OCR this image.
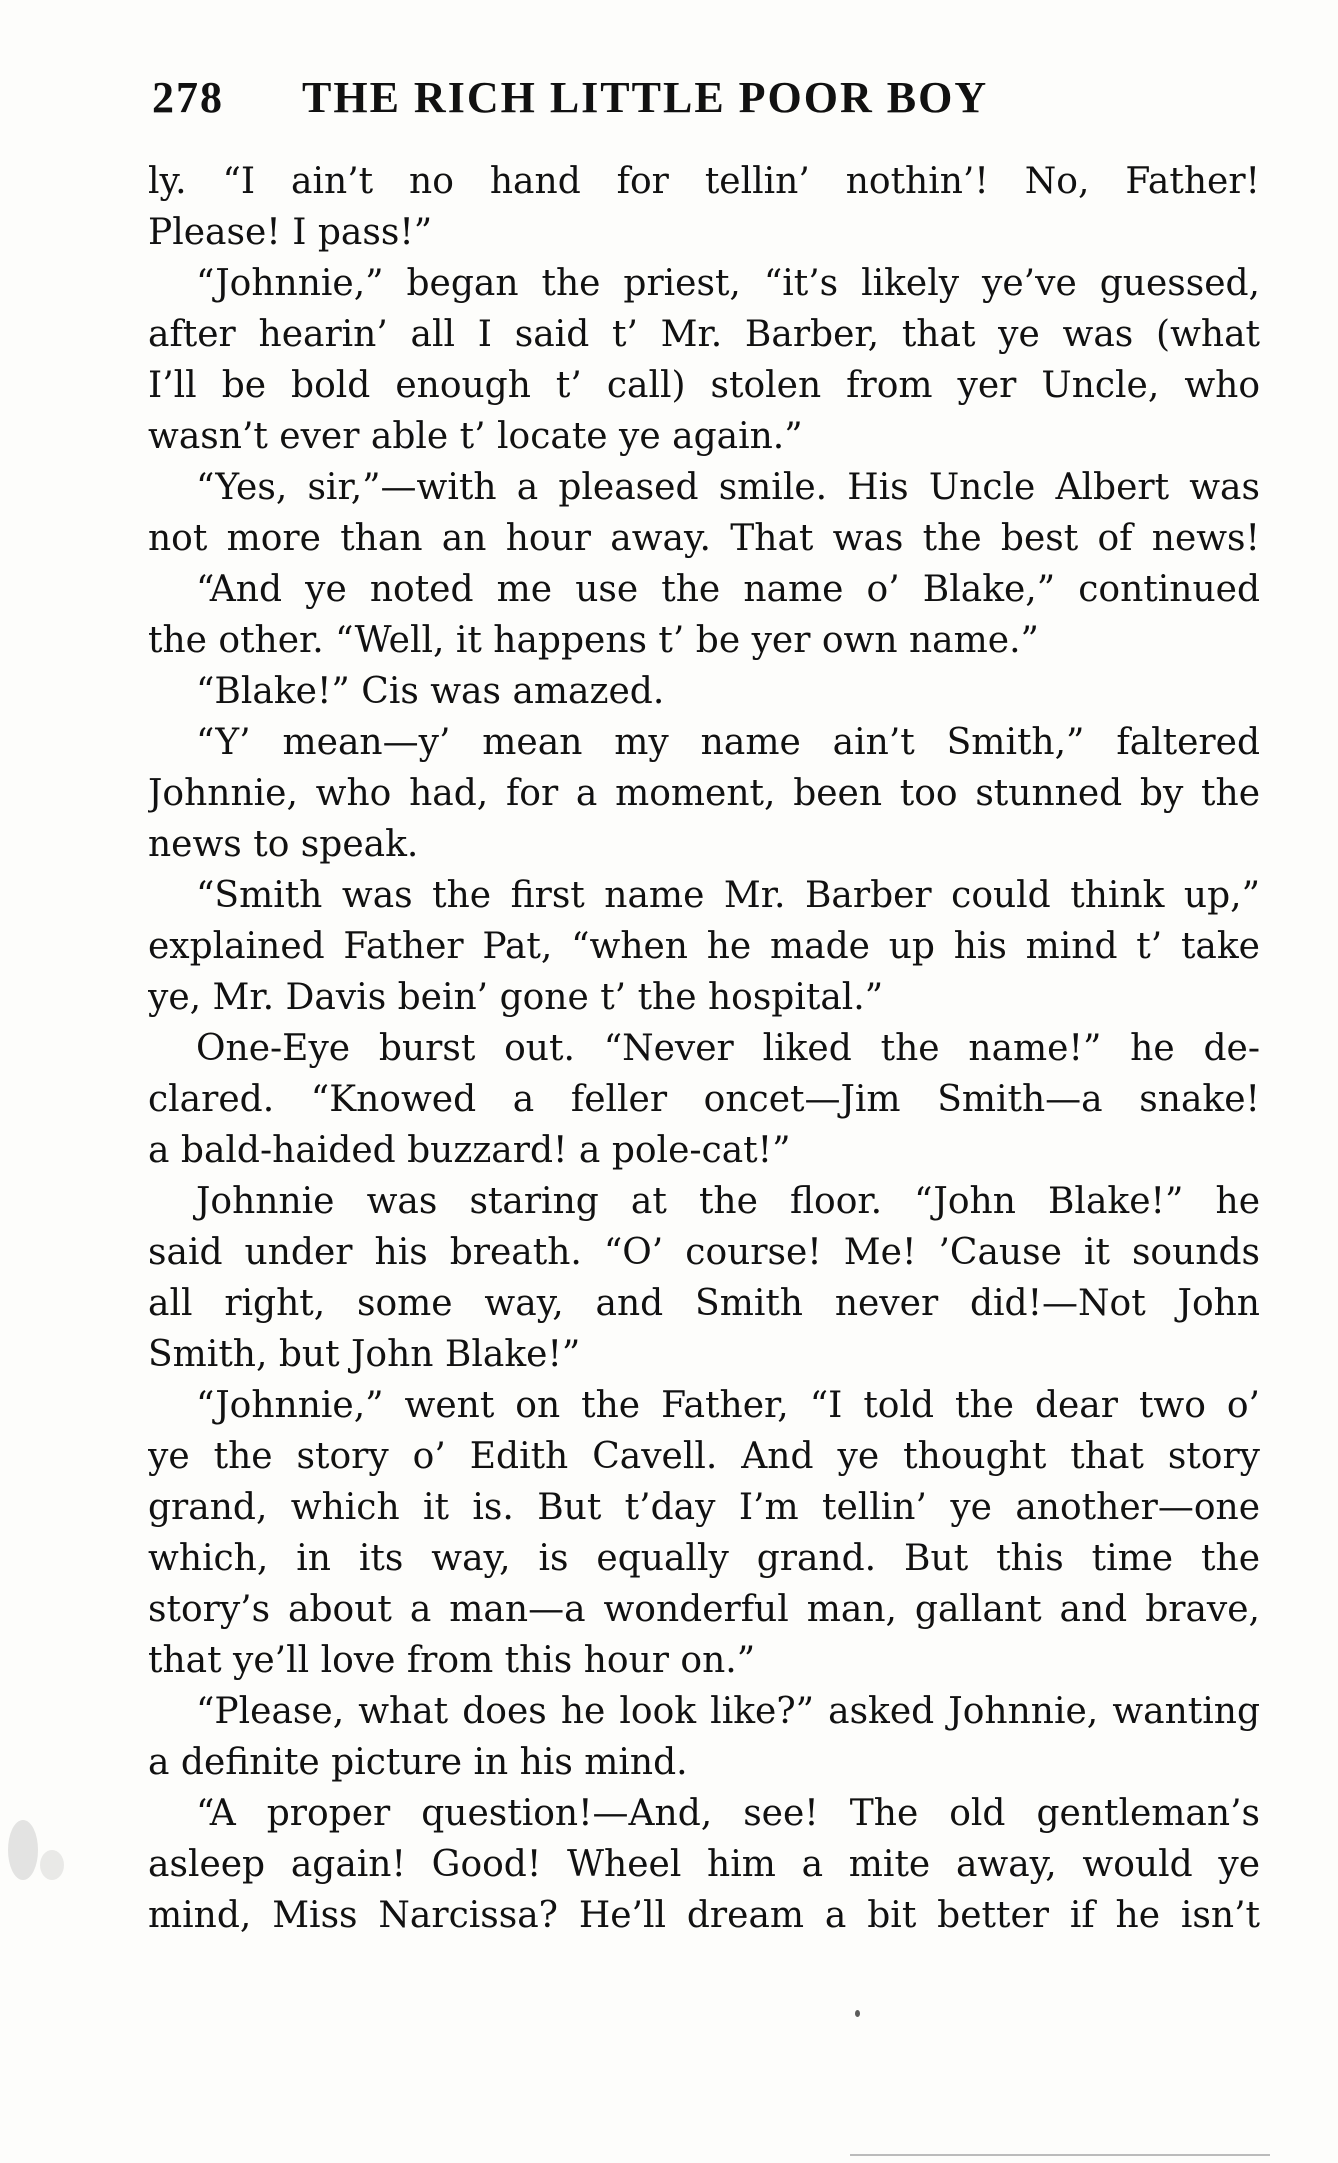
278 THE RICH LITTLE POOR BOY
ly. “I ain’t no hand for tellin’ nothin’! No, Father!
Please! I pass!”
“Johnnie,” began the priest, “it’s likely ye’ve guessed,
after hearin’ all I said t’ Mr. Barber, that ye was (what
I’ll be bold enough t’ call) stolen from yer Uncle, who
wasn’t ever able t’ locate ye again.”
“Yes, sir,”—with a pleased smile. His Uncle Albert was
not more than an hour away. That was the best of news!
“And ye noted me use the name o’ Blake,” continued
the other. “Well, it happens t’ be yer own name.”
“Blake!” Cis was amazed.
“Y’ mean—y’ mean my name ain’t Smith,” faltered
Johnnie, who had, for a moment, been too stunned by the
news to speak.
“Smith was the first name Mr. Barber could think up,”
explained Father Pat, “when he made up his mind t’ take
ye, Mr. Davis bein’ gone t’ the hospital.”
One-Eye burst out. “Never liked the name!” he de-
clared. “Knowed a feller oncet—Jim Smith—a snake!
a bald-haided buzzard! a pole-cat!”
Johnnie was staring at the floor. “John Blake!” he
said under his breath. “O’ course! Me! ’Cause it sounds
all right, some way, and Smith never did!—Not John
Smith, but John Blake!”
“Johnnie,” went on the Father, “I told the dear two o’
ye the story o’ Edith Cavell. And ye thought that story
grand, which it is. But t’day I’m tellin’ ye another—one
which, in its way, is equally grand. But this time the
story’s about a man—a wonderful man, gallant and brave,
that ye’ll love from this hour on.”
“Please, what does he look like?” asked Johnnie, wanting
a definite picture in his mind.
“A proper question!—And, see! The old gentleman’s
asleep again! Good! Wheel him a mite away, would ye
mind, Miss Narcissa? He’ll dream a bit better if he isn’t
